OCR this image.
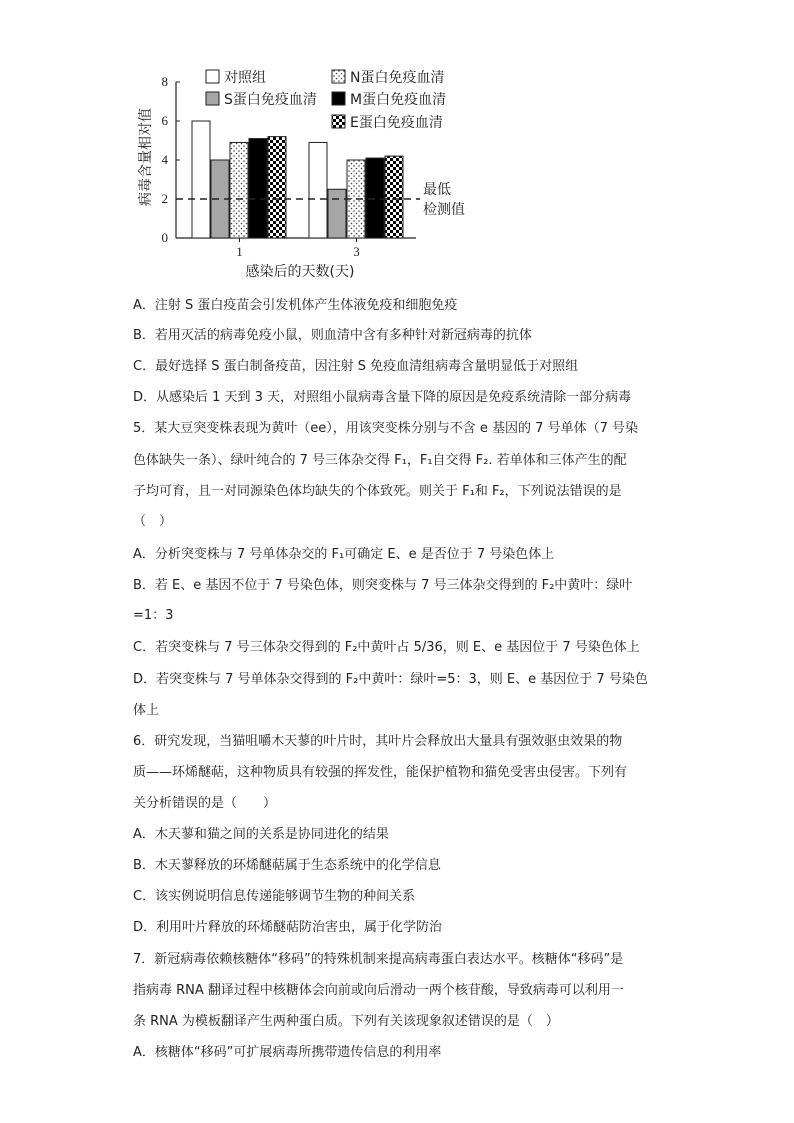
0
2
4
6
8
1	3
对照组
S蛋白免疫血清
N蛋白免疫血清
M蛋白免疫血清
E蛋白免疫血清
病毒含量相对值
感染后的天数(天)
最低
检测值
A．注射 S 蛋白疫苗会引发机体产生体液免疫和细胞免疫
B．若用灭活的病毒免疫小鼠，则血清中含有多种针对新冠病毒的抗体
C．最好选择 S 蛋白制备疫苗，因注射 S 免疫血清组病毒含量明显低于对照组
D．从感染后 1 天到 3 天，对照组小鼠病毒含量下降的原因是免疫系统清除一部分病毒
5．某大豆突变株表现为黄叶（ee），用该突变株分别与不含 e 基因的 7 号单体（7 号染
色体缺失一条）、绿叶纯合的 7 号三体杂交得 F₁，F₁自交得 F₂. 若单体和三体产生的配
子均可育，且一对同源染色体均缺失的个体致死。则关于 F₁和 F₂，下列说法错误的是
（　）
A．分析突变株与 7 号单体杂交的 F₁可确定 E、e 是否位于 7 号染色体上
B．若 E、e 基因不位于 7 号染色体，则突变株与 7 号三体杂交得到的 F₂中黄叶：绿叶
=1：3
C．若突变株与 7 号三体杂交得到的 F₂中黄叶占 5/36，则 E、e 基因位于 7 号染色体上
D．若突变株与 7 号单体杂交得到的 F₂中黄叶：绿叶=5：3，则 E、e 基因位于 7 号染色
体上
6．研究发现，当猫咀嚼木天蓼的叶片时，其叶片会释放出大量具有强效驱虫效果的物
质——环烯醚萜，这种物质具有较强的挥发性，能保护植物和猫免受害虫侵害。下列有
关分析错误的是（　　）
A．木天蓼和猫之间的关系是协同进化的结果
B．木天蓼释放的环烯醚萜属于生态系统中的化学信息
C．该实例说明信息传递能够调节生物的种间关系
D．利用叶片释放的环烯醚萜防治害虫，属于化学防治
7．新冠病毒依赖核糖体“移码”的特殊机制来提高病毒蛋白表达水平。核糖体“移码”是
指病毒 RNA 翻译过程中核糖体会向前或向后滑动一两个核苷酸，导致病毒可以利用一
条 RNA 为模板翻译产生两种蛋白质。下列有关该现象叙述错误的是（　）
A．核糖体“移码”可扩展病毒所携带遗传信息的利用率
